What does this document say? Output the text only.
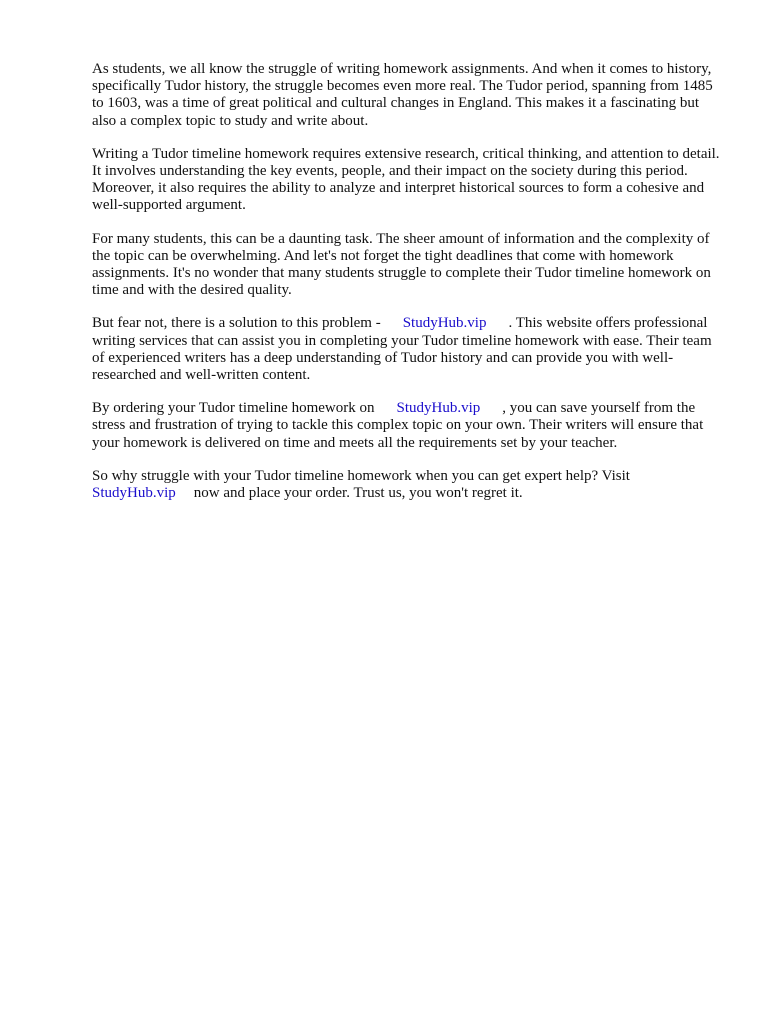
As students, we all know the struggle of writing homework assignments. And when it comes to history, specifically Tudor history, the struggle becomes even more real. The Tudor period, spanning from 1485 to 1603, was a time of great political and cultural changes in England. This makes it a fascinating but also a complex topic to study and write about.

Writing a Tudor timeline homework requires extensive research, critical thinking, and attention to detail. It involves understanding the key events, people, and their impact on the society during this period. Moreover, it also requires the ability to analyze and interpret historical sources to form a cohesive and well-supported argument.

For many students, this can be a daunting task. The sheer amount of information and the complexity of the topic can be overwhelming. And let's not forget the tight deadlines that come with homework assignments. It's no wonder that many students struggle to complete their Tudor timeline homework on time and with the desired quality.

But fear not, there is a solution to this problem - StudyHub.vip . This website offers professional writing services that can assist you in completing your Tudor timeline homework with ease. Their team of experienced writers has a deep understanding of Tudor history and can provide you with well-researched and well-written content.

By ordering your Tudor timeline homework on StudyHub.vip , you can save yourself from the stress and frustration of trying to tackle this complex topic on your own. Their writers will ensure that your homework is delivered on time and meets all the requirements set by your teacher.

So why struggle with your Tudor timeline homework when you can get expert help? Visit
StudyHub.vip now and place your order. Trust us, you won't regret it.
